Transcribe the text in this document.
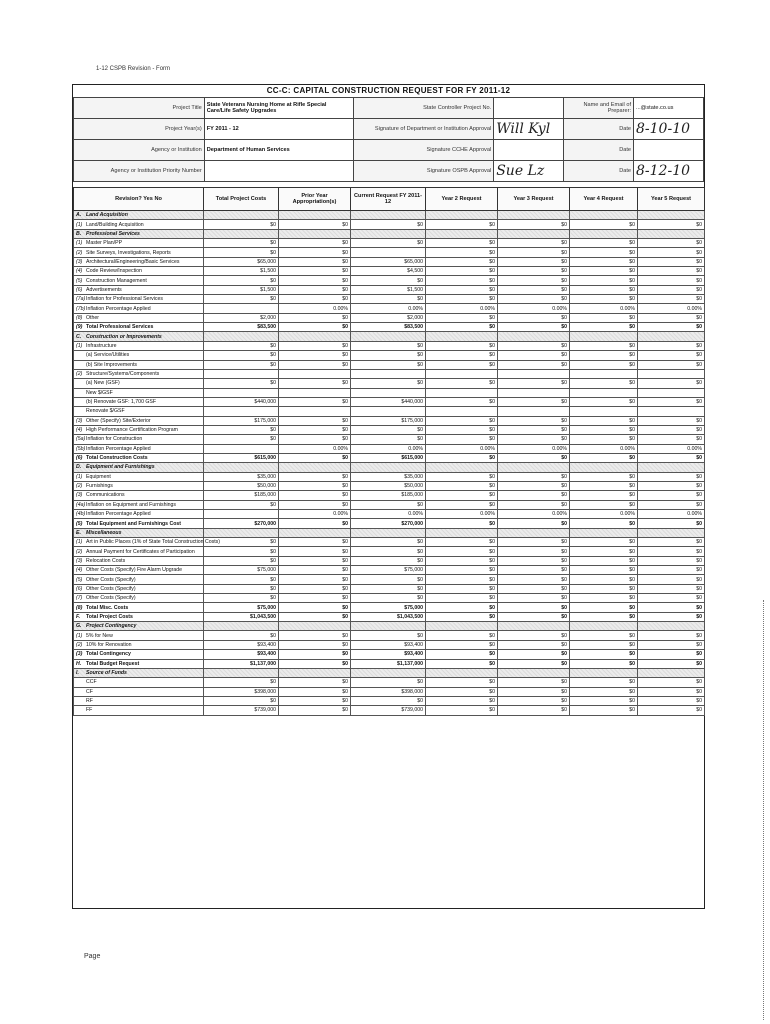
1-12 CSPB Revision - Form
CC-C: CAPITAL CONSTRUCTION REQUEST FOR FY 2011-12
Project Title	State Veterans Nursing Home at Rifle Special Care/Life Safety Upgrades	State Controller Project No.		Name and Email of Preparer:	...@state.co.us
Project Year(s)	FY 2011 - 12	Signature of Department or Institution Approval	Will Kyl	Date	8-10-10
Agency or Institution	Department of Human Services	Signature CCHE Approval		Date	
Agency or Institution Priority Number		Signature OSPB Approval	Sue Lz	Date	8-12-10
Revision? Yes No	Total Project Costs	Prior Year Appropriation(s)	Current Request FY 2011-12	Year 2 Request	Year 3 Request	Year 4 Request	Year 5 Request
A. Land Acquisition							
(1) Land/Building Acquisition	$0	$0	$0	$0	$0	$0	$0
B. Professional Services							
(1) Master Plan/PP	$0	$0	$0	$0	$0	$0	$0
(2) Site Surveys, Investigations, Reports	$0	$0		$0	$0	$0	$0
(3) Architectural/Engineering/Basic Services	$65,000	$0	$65,000	$0	$0	$0	$0
(4) Code Review/Inspection	$1,500	$0	$4,500	$0	$0	$0	$0
(5) Construction Management	$0	$0	$0	$0	$0	$0	$0
(6) Advertisements	$1,500	$0	$1,500	$0	$0	$0	$0
(7a)Inflation for Professional Services	$0	$0	$0	$0	$0	$0	$0
(7b)Inflation Percentage Applied		0.00%	0.00%	0.00%	0.00%	0.00%	0.00%
(8) Other	$2,000	$0	$2,000	$0	$0	$0	$0
(9) Total Professional Services	$83,500	$0	$83,500	$0	$0	$0	$0
C. Construction or Improvements							
(1) Infrastructure	$0	$0	$0	$0	$0	$0	$0
(a) Service/Utilities	$0	$0	$0	$0	$0	$0	$0
(b) Site Improvements	$0	$0	$0	$0	$0	$0	$0
(2) Structure/Systems/Components							
(a) New (GSF)	$0	$0	$0	$0	$0	$0	$0
New $/GSF							
(b) Renovate GSF: 1,700 GSF	$440,000	$0	$440,000	$0	$0	$0	$0
Renovate $/GSF							
(3) Other (Specify) Site/Exterior	$175,000	$0	$175,000	$0	$0	$0	$0
(4) High Performance Certification Program	$0	$0	$0	$0	$0	$0	$0
(5a)Inflation for Construction	$0	$0	$0	$0	$0	$0	$0
(5b)Inflation Percentage Applied		0.00%	0.00%	0.00%	0.00%	0.00%	0.00%
(6) Total Construction Costs	$615,000	$0	$615,000	$0	$0	$0	$0
D. Equipment and Furnishings							
(1) Equipment	$35,000	$0	$35,000	$0	$0	$0	$0
(2) Furnishings	$50,000	$0	$50,000	$0	$0	$0	$0
(3) Communications	$185,000	$0	$185,000	$0	$0	$0	$0
(4a)Inflation on Equipment and Furnishings	$0	$0	$0	$0	$0	$0	$0
(4b)Inflation Percentage Applied		0.00%	0.00%	0.00%	0.00%	0.00%	0.00%
(5) Total Equipment and Furnishings Cost	$270,000	$0	$270,000	$0	$0	$0	$0
E. Miscellaneous							
(1) Art in Public Places (1% of State Total Construction Costs)	$0	$0	$0	$0	$0	$0	$0
(2) Annual Payment for Certificates of Participation	$0	$0	$0	$0	$0	$0	$0
(3) Relocation Costs	$0	$0	$0	$0	$0	$0	$0
(4) Other Costs (Specify) Fire Alarm Upgrade	$75,000	$0	$75,000	$0	$0	$0	$0
(5) Other Costs (Specify)	$0	$0	$0	$0	$0	$0	$0
(6) Other Costs (Specify)	$0	$0	$0	$0	$0	$0	$0
(7) Other Costs (Specify)	$0	$0	$0	$0	$0	$0	$0
(8) Total Misc. Costs	$75,000	$0	$75,000	$0	$0	$0	$0
F. Total Project Costs	$1,043,500	$0	$1,043,500	$0	$0	$0	$0
G. Project Contingency							
(1) 5% for New	$0	$0	$0	$0	$0	$0	$0
(2) 10% for Renovation	$93,400	$0	$93,400	$0	$0	$0	$0
(3) Total Contingency	$93,400	$0	$93,400	$0	$0	$0	$0
H. Total Budget Request	$1,137,000	$0	$1,137,000	$0	$0	$0	$0
I. Source of Funds							
CCF	$0	$0	$0	$0	$0	$0	$0
CF	$398,000	$0	$398,000	$0	$0	$0	$0
RF	$0	$0	$0	$0	$0	$0	$0
FF	$739,000	$0	$739,000	$0	$0	$0	$0
Page
